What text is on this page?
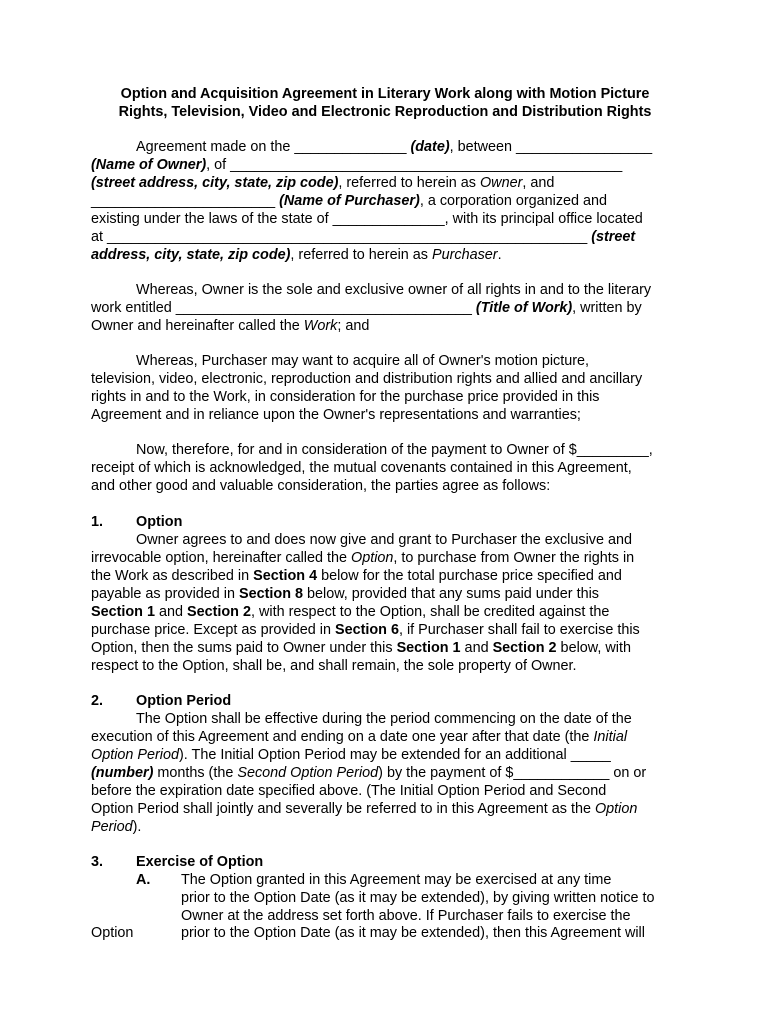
Option and Acquisition Agreement in Literary Work along with Motion Picture
Rights, Television, Video and Electronic Reproduction and Distribution Rights
Agreement made on the ______________ (date), between _________________
(Name of Owner), of _________________________________________________
(street address, city, state, zip code), referred to herein as Owner, and
_______________________ (Name of Purchaser), a corporation organized and
existing under the laws of the state of ______________, with its principal office located
at ____________________________________________________________ (street
address, city, state, zip code), referred to herein as Purchaser.
Whereas, Owner is the sole and exclusive owner of all rights in and to the literary
work entitled _____________________________________ (Title of Work), written by
Owner and hereinafter called the Work; and
Whereas, Purchaser may want to acquire all of Owner's motion picture,
television, video, electronic, reproduction and distribution rights and allied and ancillary
rights in and to the Work, in consideration for the purchase price provided in this
Agreement and in reliance upon the Owner's representations and warranties;
Now, therefore, for and in consideration of the payment to Owner of $_________,
receipt of which is acknowledged, the mutual covenants contained in this Agreement,
and other good and valuable consideration, the parties agree as follows:
1. Option
Owner agrees to and does now give and grant to Purchaser the exclusive and
irrevocable option, hereinafter called the Option, to purchase from Owner the rights in
the Work as described in Section 4 below for the total purchase price specified and
payable as provided in Section 8 below, provided that any sums paid under this
Section 1 and Section 2, with respect to the Option, shall be credited against the
purchase price. Except as provided in Section 6, if Purchaser shall fail to exercise this
Option, then the sums paid to Owner under this Section 1 and Section 2 below, with
respect to the Option, shall be, and shall remain, the sole property of Owner.
2. Option Period
The Option shall be effective during the period commencing on the date of the
execution of this Agreement and ending on a date one year after that date (the Initial
Option Period). The Initial Option Period may be extended for an additional _____
(number) months (the Second Option Period) by the payment of $____________ on or
before the expiration date specified above. (The Initial Option Period and Second
Option Period shall jointly and severally be referred to in this Agreement as the Option
Period).
3. Exercise of Option
A. The Option granted in this Agreement may be exercised at any time
prior to the Option Date (as it may be extended), by giving written notice to
Owner at the address set forth above. If Purchaser fails to exercise the
Option	prior to the Option Date (as it may be extended), then this Agreement will
